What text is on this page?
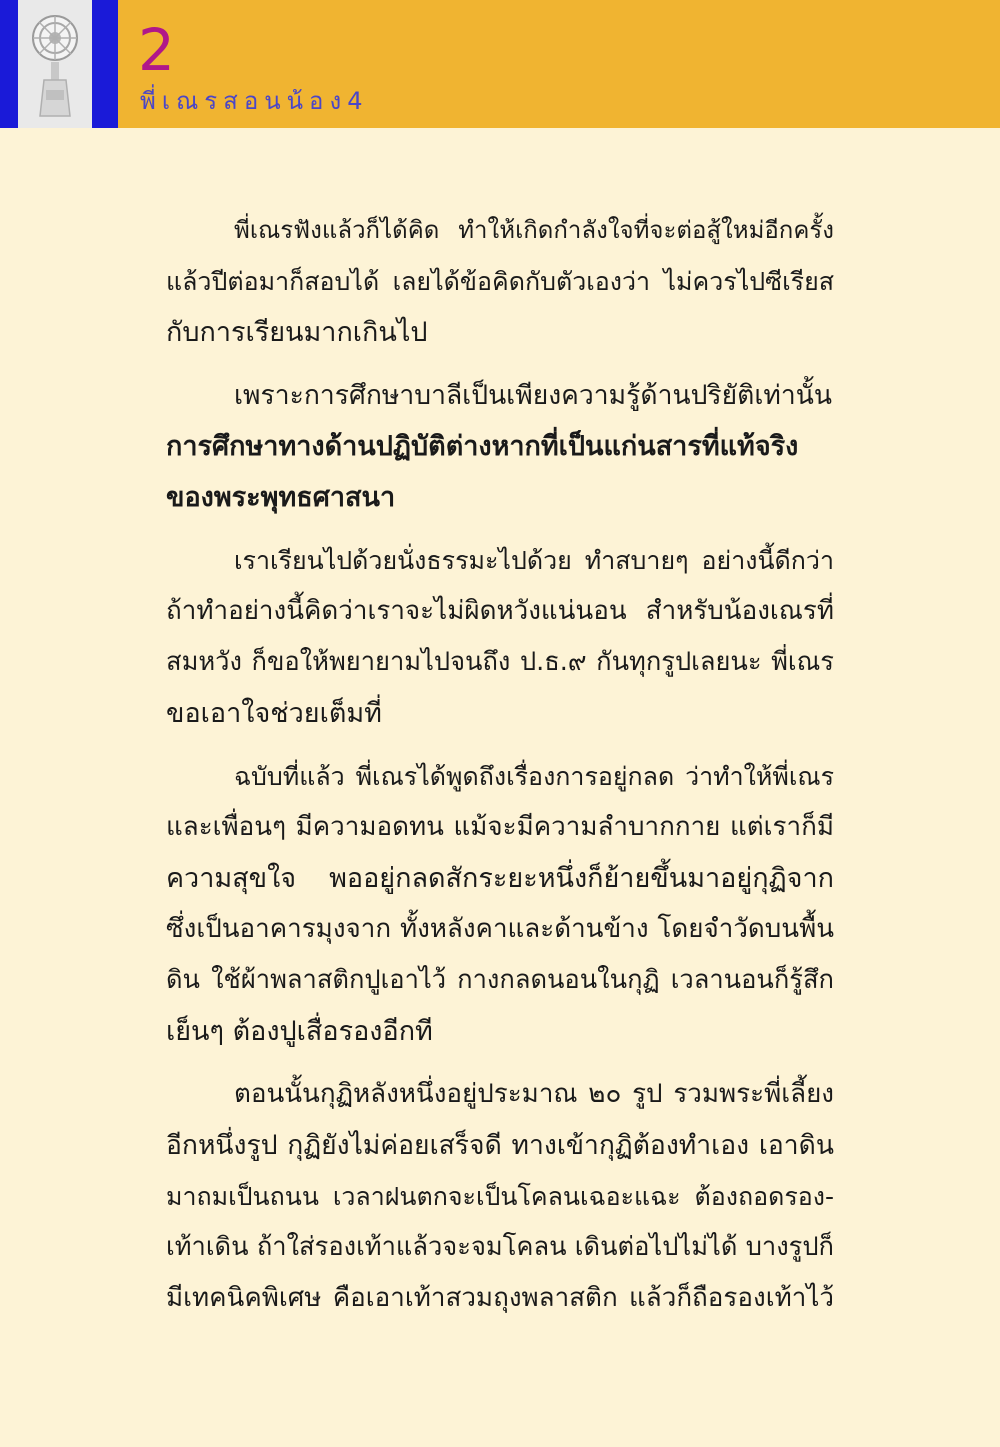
2
พี่เณรสอนน้อง4

พี่เณรฟังแล้วก็ได้คิด ทำให้เกิดกำลังใจที่จะต่อสู้ใหม่อีกครั้ง
แล้วปีต่อมาก็สอบได้ เลยได้ข้อคิดกับตัวเองว่า ไม่ควรไปซีเรียส
กับการเรียนมากเกินไป

เพราะการศึกษาบาลีเป็นเพียงความรู้ด้านปริยัติเท่านั้น
การศึกษาทางด้านปฏิบัติต่างหากที่เป็นแก่นสารที่แท้จริง
ของพระพุทธศาสนา

เราเรียนไปด้วยนั่งธรรมะไปด้วย ทำสบายๆ อย่างนี้ดีกว่า
ถ้าทำอย่างนี้คิดว่าเราจะไม่ผิดหวังแน่นอน สำหรับน้องเณรที่
สมหวัง ก็ขอให้พยายามไปจนถึง ป.ธ.๙ กันทุกรูปเลยนะ พี่เณร
ขอเอาใจช่วยเต็มที่

ฉบับที่แล้ว พี่เณรได้พูดถึงเรื่องการอยู่กลด ว่าทำให้พี่เณร
และเพื่อนๆ มีความอดทน แม้จะมีความลำบากกาย แต่เราก็มี
ความสุขใจ พออยู่กลดสักระยะหนึ่งก็ย้ายขึ้นมาอยู่กุฏิจาก
ซึ่งเป็นอาคารมุงจาก ทั้งหลังคาและด้านข้าง โดยจำวัดบนพื้น
ดิน ใช้ผ้าพลาสติกปูเอาไว้ กางกลดนอนในกุฏิ เวลานอนก็รู้สึก
เย็นๆ ต้องปูเสื่อรองอีกที

ตอนนั้นกุฏิหลังหนึ่งอยู่ประมาณ ๒๐ รูป รวมพระพี่เลี้ยง
อีกหนึ่งรูป กุฏิยังไม่ค่อยเสร็จดี ทางเข้ากุฏิต้องทำเอง เอาดิน
มาถมเป็นถนน เวลาฝนตกจะเป็นโคลนเฉอะแฉะ ต้องถอดรอง-
เท้าเดิน ถ้าใส่รองเท้าแล้วจะจมโคลน เดินต่อไปไม่ได้ บางรูปก็
มีเทคนิคพิเศษ คือเอาเท้าสวมถุงพลาสติก แล้วก็ถือรองเท้าไว้
